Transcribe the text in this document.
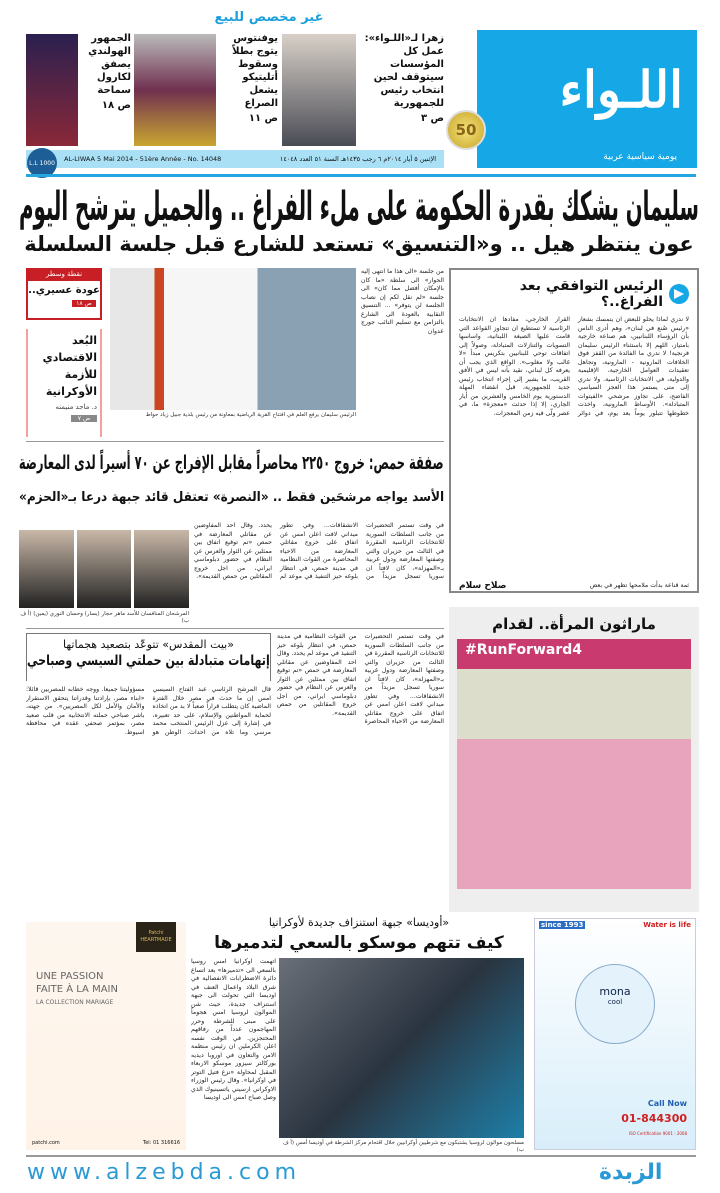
غير مخصص للبيع
اللـواء
يومية سياسية عربية
50
زهرا لـ«اللـواء»: عمل كل المؤسسات سيتوقف لحين انتخاب رئيس للجمهورية
ص ٣
يوفنتوس يتوج بطلاً وسقوط أتليتيكو يشعل الصراع
ص ١١
الجمهور الهولندي يصفق لكارول سماحة
ص ١٨
الإثنين ٥ أيار ٢٠١٤م ٦ رجب ١٤٣٥هـ السنة ٥١ العدد ١٤٠٤٨
AL-LIWAA 5 Mai 2014 - 51ère Année - No. 14048
1000 L.L
سليمان يشكك بقدرة الحكومة على ملء الفراغ .. والجميل يترشح اليوم
عون ينتظر هيل .. و«التنسيق» تستعد للشارع قبل جلسة السلسلة
نقطة وسطر
عودة عسيري..
ص ١٨
البُعد الاقتصادي للأزمة الأوكرانية
د. ماجد منيمنه
ص ٧	الرئيس سليمان يرفع العلم في افتتاح القرية الرياضية بمعاونة من رئيس بلدية جبيل زياد حواط
من جلسة «الى هذا ما انتهى إليه الحوار» الى سلطة «ما كان بالإمكان أفضل مما كان» الى جلسة «لم نقل لكم إن نصاب الجلسة لن يتوفر» ... التنسيق النقابية بالعودة الى الشارع بالتزامن مع تسليم النائب جورج عدوان
الرئيس التوافقي بعد الفراغ..؟
لا ندري لماذا يحلو للبعض ان يتمسك بشعار «رئيس صُنع في لبنان»، وهم أدرى الناس بأن الرؤساء اللبنانيين، هم صناعة خارجية بامتياز، اللهم إلا باستثناء الرئيس سليمان فرنجية! لا ندري ما الفائدة من القفز فوق الخلافات المارونية - المارونية، وتجاهل تعقيدات العوامل الخارجية، الإقليمية والدولية، في الانتخابات الرئاسية. ولا ندري إلى متى يستمر هذا العجز السياسي الفاضح، على تجاوز مرشحي «الفيتوات المتبادلة». الأوساط المارونية، واخذت خطوطها تتبلور يوماً بعد يوم، في دوائر القرار الخارجي، مفادها ان الانتخابات الرئاسية لا تستطيع ان تتجاوز القواعد التي قامت عليها الصيغة اللبنانية، واساسها التسويات والتنازلات المتبادلة، وصولاً إلى اتفاقات توحي للبنانيين بتكريس مبدأ «لا غالب ولا مغلوب». الواقع الذي يجب أن يعرفه كل لبناني، نقيد بأنه ليس في الأفق القريب، ما يشير إلى إجراء انتخاب رئيس جديد للجمهورية، قبل انقضاء المهلة الدستورية يوم الخامس والعشرين من أيار الجاري، إلا إذا حدثت «معجزة» ما، في عصر ولّى فيه زمن المعجزات.
ثمة قناعة بدأت ملامحها تظهر في بعض
صلاح سلام
صفقة حمص: خروج ٢٢٥٠ محاصراً مقابل الإفراج عن ٧٠ أسيراً لدى المعارضة
الأسد يواجه مرشحَين فقط .. «النصرة» تعتقل قائد جبهة درعا بـ«الحزم»
المرشحان المنافسان للأسد ماهر حجار (يسار) وحسان النوري (يمين) (أ ف ب)
في وقت تستمر التحضيرات من جانب السلطات السورية للانتخابات الرئاسية المقررة في الثالث من حزيران والتي وصفتها المعارضة ودول غربية بـ«المهزلة»، كان لافتاً ان سوريا تسجل مزيداً من الانشقاقات... وفي تطور ميداني لافت اعلن امس عن اتفاق على خروج مقاتلي المعارضة من الاحياء المحاصرة من القوات النظامية في مدينة حمص، في انتظار بلوغه حيز التنفيذ في موعد لم يحدد. وقال احد المفاوضين عن مقاتلي المعارضة في حمص «تم توقيع اتفاق بين ممثلين عن الثوار والعرس عن النظام في حضور دبلوماسي ايراني، من اجل خروج المقاتلين من حمص القديمة».
«بيت المقدس» تتوعّد بتصعيد هجماتها
إتهامات متبادلة بين حملتي السيسي وصباحي
قال المرشح الرئاسي عبد الفتاح السيسي امس إن ما حدث في مصر خلال الفترة الماضية كان يتطلب قراراً صعباً لا بد من اتخاذه لحماية المواطنين والإسلام، على حد تعبيره، في إشارة إلى عزل الرئيس المنتخب محمد مرسي وما تلاه من احداث. الوطن هو مسؤوليتنا جميعاً. ووجه خطابه للمصريين قائلاً: «ابناء مصر، بإرادتنا وقدراتنا يتحقق الاستقرار والأمان والأمل لكل المصريين». من جهته، باشر صباحي حملته الانتخابية من قلب صعيد مصر، بمؤتمر صحفي عقده في محافظة اسيوط.
في وقت تستمر التحضيرات من جانب السلطات السورية للانتخابات الرئاسية المقررة في الثالث من حزيران والتي وصفتها المعارضة ودول غربية بـ«المهزلة»، كان لافتاً ان سوريا تسجل مزيداً من الانشقاقات... وفي تطور ميداني لافت اعلن امس عن اتفاق على خروج مقاتلي المعارضة من الاحياء المحاصرة من القوات النظامية في مدينة حمص، في انتظار بلوغه حيز التنفيذ في موعد لم يحدد. وقال احد المفاوضين عن مقاتلي المعارضة في حمص «تم توقيع اتفاق بين ممثلين عن الثوار والعرس عن النظام في حضور دبلوماسي ايراني، من اجل خروج المقاتلين من حمص القديمة».
ماراثون المرأة.. لقدام
#RunForward4
Patchi
HEARTMADE
UNE PASSION
FAITE À LA MAIN
LA COLLECTION MARIAGE
patchi.com	Tel: 01 316616
«أوديسا» جبهة استنزاف جديدة لأوكرانيا
كيف تتهم موسكو بالسعي لتدميرها
اتهمت اوكرانيا امس روسيا بالسعي الى «تدميرها» بعد اتساع دائرة الاضطرابات الانفصالية في شرق البلاد واعمال العنف في اوديسا التي تحولت الى جبهة استنزاف جديدة، حيث شن الموالون لروسيا امس هجوماً على مبنى للشرطة وحرر المهاجمون عدداً من رفاقهم المحتجزين. في الوقت نفسه اعلن الكرملين ان رئيس منظمة الامن والتعاون في اوروبا ديديه بوركالتر سيزور موسكو الاربعاء المقبل لمحاولة «نزع فتيل التوتر في اوكرانيا». وقال رئيس الوزراء الاوكراني ارسيني ياتسينيوك الذي وصل صباح امس الى اوديسا
مسلحون موالون لروسيا يشتبكون مع شرطيين أوكرانيين خلال اقتحام مركز الشرطة في أوديسا أمس (أ ف ب)
since 1993	Water is life
mona
cool
Call Now
01-844300
ISO Certification 9001 : 2008
www.alzebda.com	الزبدة
